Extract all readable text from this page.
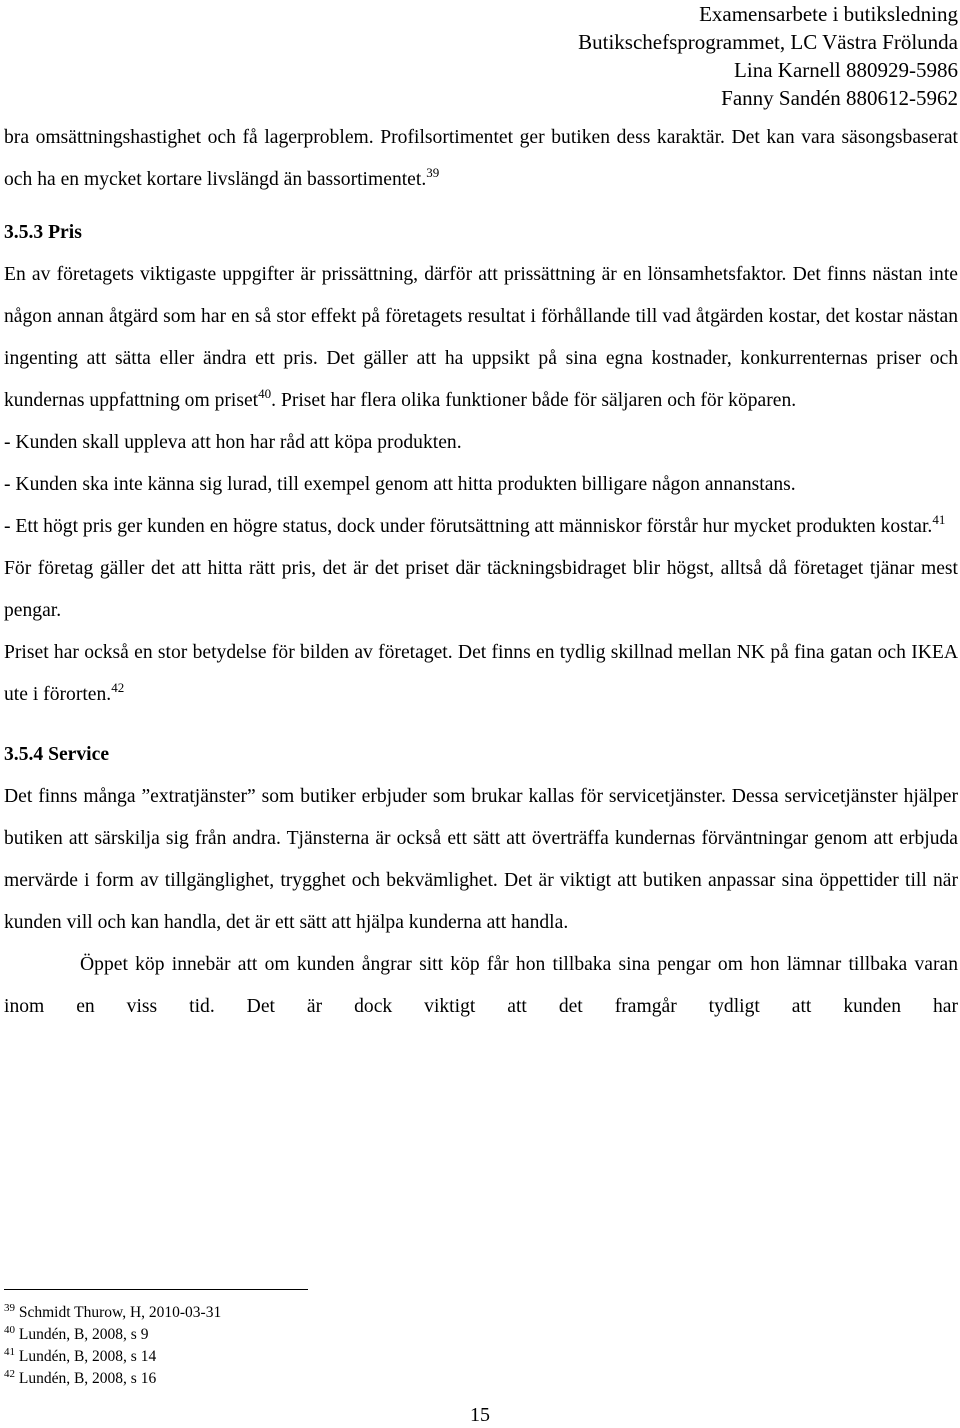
Examensarbete i butiksledning
Butikschefsprogrammet, LC Västra Frölunda
Lina Karnell 880929-5986
Fanny Sandén 880612-5962

bra omsättningshastighet och få lagerproblem. Profilsortimentet ger butiken dess karaktär. Det kan vara säsongsbaserat och ha en mycket kortare livslängd än bassortimentet.$^{39}$

3.5.3 Pris

En av företagets viktigaste uppgifter är prissättning, därför att prissättning är en lönsamhetsfaktor. Det finns nästan inte någon annan åtgärd som har en så stor effekt på företagets resultat i förhållande till vad åtgärden kostar, det kostar nästan ingenting att sätta eller ändra ett pris. Det gäller att ha uppsikt på sina egna kostnader, konkurrenternas priser och kundernas uppfattning om priset$^{40}$. Priset har flera olika funktioner både för säljaren och för köparen.

- Kunden skall uppleva att hon har råd att köpa produkten.

- Kunden ska inte känna sig lurad, till exempel genom att hitta produkten billigare någon annanstans.

- Ett högt pris ger kunden en högre status, dock under förutsättning att människor förstår hur mycket produkten kostar.$^{41}$

För företag gäller det att hitta rätt pris, det är det priset där täckningsbidraget blir högst, alltså då företaget tjänar mest pengar.

Priset har också en stor betydelse för bilden av företaget. Det finns en tydlig skillnad mellan NK på fina gatan och IKEA ute i förorten.$^{42}$

3.5.4 Service

Det finns många ”extratjänster” som butiker erbjuder som brukar kallas för servicetjänster. Dessa servicetjänster hjälper butiken att särskilja sig från andra. Tjänsterna är också ett sätt att överträffa kundernas förväntningar genom att erbjuda mervärde i form av tillgänglighet, trygghet och bekvämlighet. Det är viktigt att butiken anpassar sina öppettider till när kunden vill och kan handla, det är ett sätt att hjälpa kunderna att handla.

Öppet köp innebär att om kunden ångrar sitt köp får hon tillbaka sina pengar om hon lämnar tillbaka varan inom en viss tid. Det är dock viktigt att det framgår tydligt att kunden har

$^{39}$ Schmidt Thurow, H, 2010-03-31
$^{40}$ Lundén, B, 2008, s 9
$^{41}$ Lundén, B, 2008, s 14
$^{42}$ Lundén, B, 2008, s 16
15
